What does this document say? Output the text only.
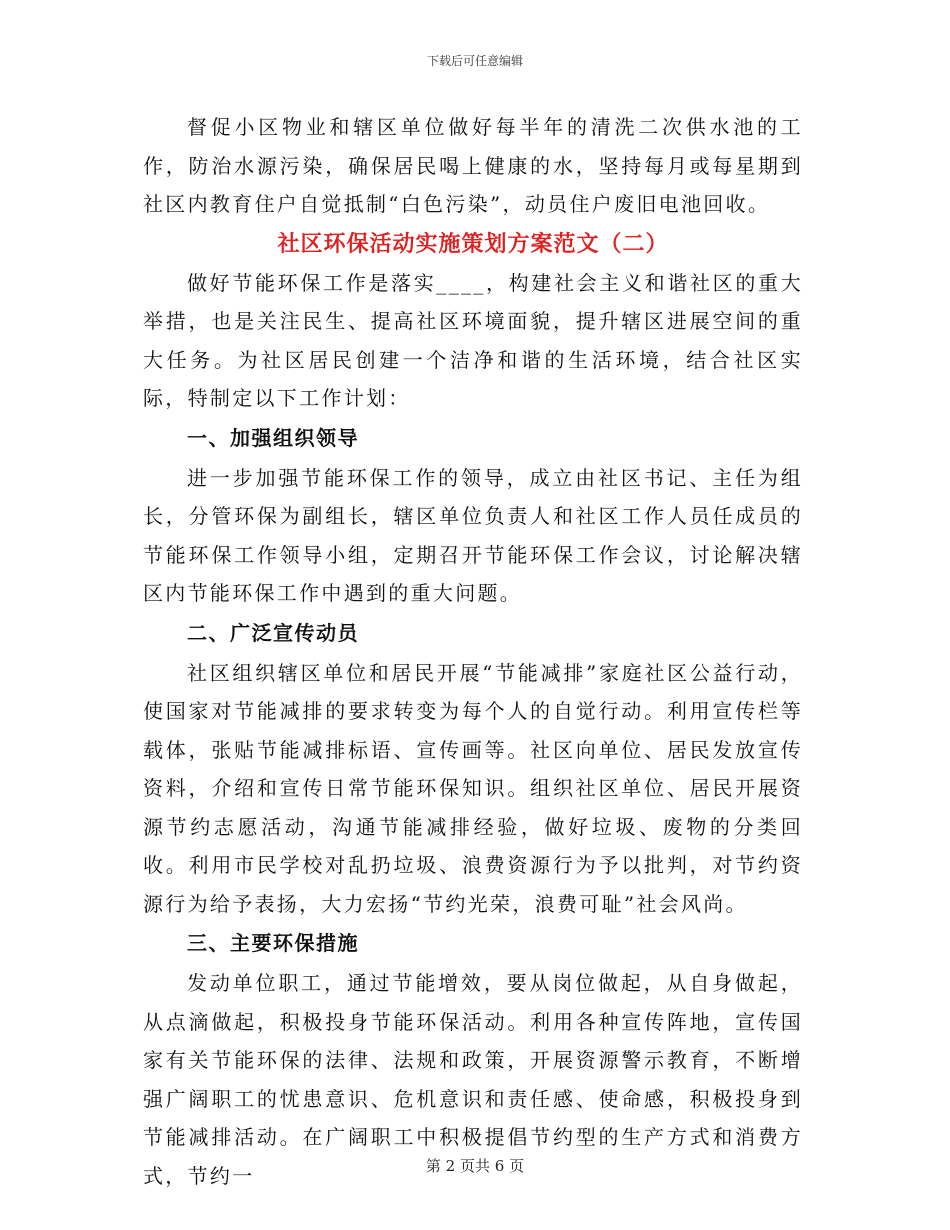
下载后可任意编辑

督促小区物业和辖区单位做好每半年的清洗二次供水池的工作，防治水源污染，确保居民喝上健康的水，坚持每月或每星期到社区内教育住户自觉抵制“白色污染”，动员住户废旧电池回收。

社区环保活动实施策划方案范文（二）

做好节能环保工作是落实____，构建社会主义和谐社区的重大举措，也是关注民生、提高社区环境面貌，提升辖区进展空间的重大任务。为社区居民创建一个洁净和谐的生活环境，结合社区实际，特制定以下工作计划：

一、加强组织领导

进一步加强节能环保工作的领导，成立由社区书记、主任为组长，分管环保为副组长，辖区单位负责人和社区工作人员任成员的节能环保工作领导小组，定期召开节能环保工作会议，讨论解决辖区内节能环保工作中遇到的重大问题。

二、广泛宣传动员

社区组织辖区单位和居民开展“节能减排”家庭社区公益行动，使国家对节能减排的要求转变为每个人的自觉行动。利用宣传栏等载体，张贴节能减排标语、宣传画等。社区向单位、居民发放宣传资料，介绍和宣传日常节能环保知识。组织社区单位、居民开展资源节约志愿活动，沟通节能减排经验，做好垃圾、废物的分类回收。利用市民学校对乱扔垃圾、浪费资源行为予以批判，对节约资源行为给予表扬，大力宏扬“节约光荣，浪费可耻”社会风尚。

三、主要环保措施

发动单位职工，通过节能增效，要从岗位做起，从自身做起，从点滴做起，积极投身节能环保活动。利用各种宣传阵地，宣传国家有关节能环保的法律、法规和政策，开展资源警示教育，不断增强广阔职工的忧患意识、危机意识和责任感、使命感，积极投身到节能减排活动。在广阔职工中积极提倡节约型的生产方式和消费方式，节约一	第 2 页共 6 页
